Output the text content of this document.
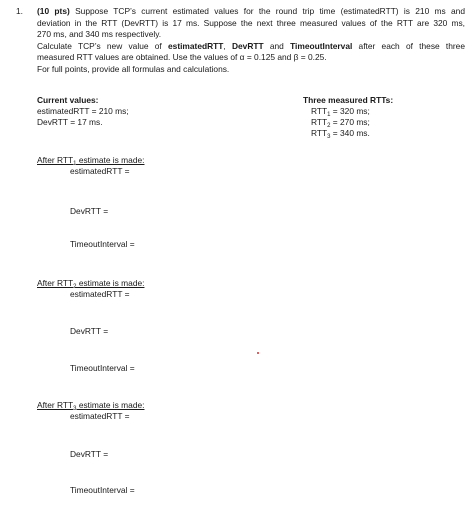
1. (10 pts) Suppose TCP’s current estimated values for the round trip time (estimatedRTT) is 210 ms and
deviation in the RTT (DevRTT) is 17 ms. Suppose the next three measured values of the RTT are 320 ms,
270 ms, and 340 ms respectively.
Calculate TCP’s new value of estimatedRTT, DevRTT and TimeoutInterval after each of these three
measured RTT values are obtained. Use the values of α = 0.125 and β = 0.25.
For full points, provide all formulas and calculations.
Current values:
estimatedRTT = 210 ms;
DevRTT = 17 ms.
Three measured RTTs:
$RTT_1 = 320$ ms;
$RTT_2 = 270$ ms;
$RTT_3 = 340$ ms.
After $RTT_1$ estimate is made:
estimatedRTT =
DevRTT =
TimeoutInterval =
After $RTT_2$ estimate is made:
estimatedRTT =
DevRTT =
TimeoutInterval =
After $RTT_3$ estimate is made:
estimatedRTT =
DevRTT =
TimeoutInterval =
